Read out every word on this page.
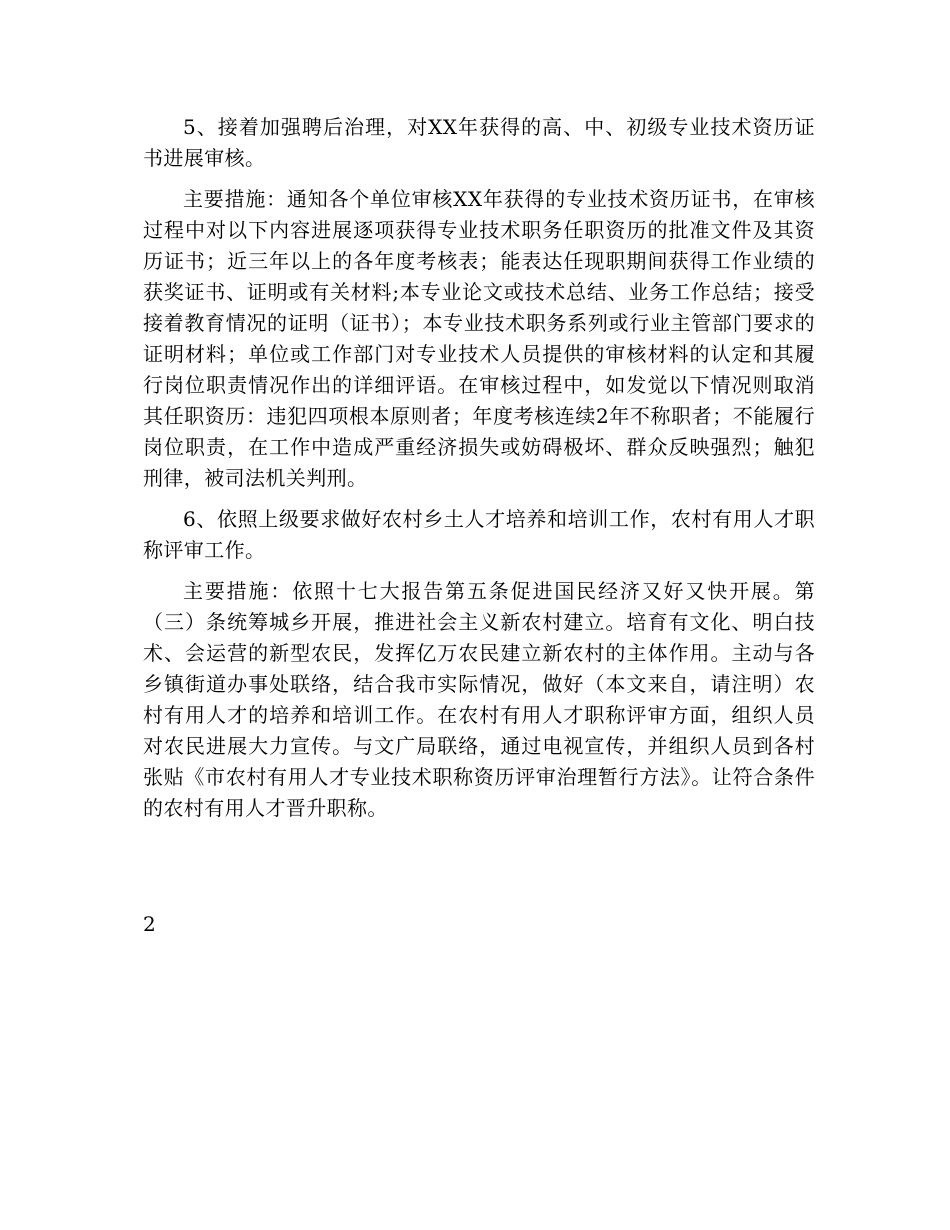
5、接着加强聘后治理，对XX年获得的高、中、初级专业技术资历证书进展审核。

主要措施：通知各个单位审核XX年获得的专业技术资历证书，在审核过程中对以下内容进展逐项获得专业技术职务任职资历的批准文件及其资历证书；近三年以上的各年度考核表；能表达任现职期间获得工作业绩的获奖证书、证明或有关材料;本专业论文或技术总结、业务工作总结；接受接着教育情况的证明（证书）；本专业技术职务系列或行业主管部门要求的证明材料；单位或工作部门对专业技术人员提供的审核材料的认定和其履行岗位职责情况作出的详细评语。在审核过程中，如发觉以下情况则取消其任职资历：违犯四项根本原则者；年度考核连续2年不称职者；不能履行岗位职责，在工作中造成严重经济损失或妨碍极坏、群众反映强烈；触犯刑律，被司法机关判刑。

6、依照上级要求做好农村乡土人才培养和培训工作，农村有用人才职称评审工作。

主要措施：依照十七大报告第五条促进国民经济又好又快开展。第（三）条统筹城乡开展，推进社会主义新农村建立。培育有文化、明白技术、会运营的新型农民，发挥亿万农民建立新农村的主体作用。主动与各乡镇街道办事处联络，结合我市实际情况，做好（本文来自，请注明）农村有用人才的培养和培训工作。在农村有用人才职称评审方面，组织人员对农民进展大力宣传。与文广局联络，通过电视宣传，并组织人员到各村张贴《市农村有用人才专业技术职称资历评审治理暂行方法》。让符合条件的农村有用人才晋升职称。

2
